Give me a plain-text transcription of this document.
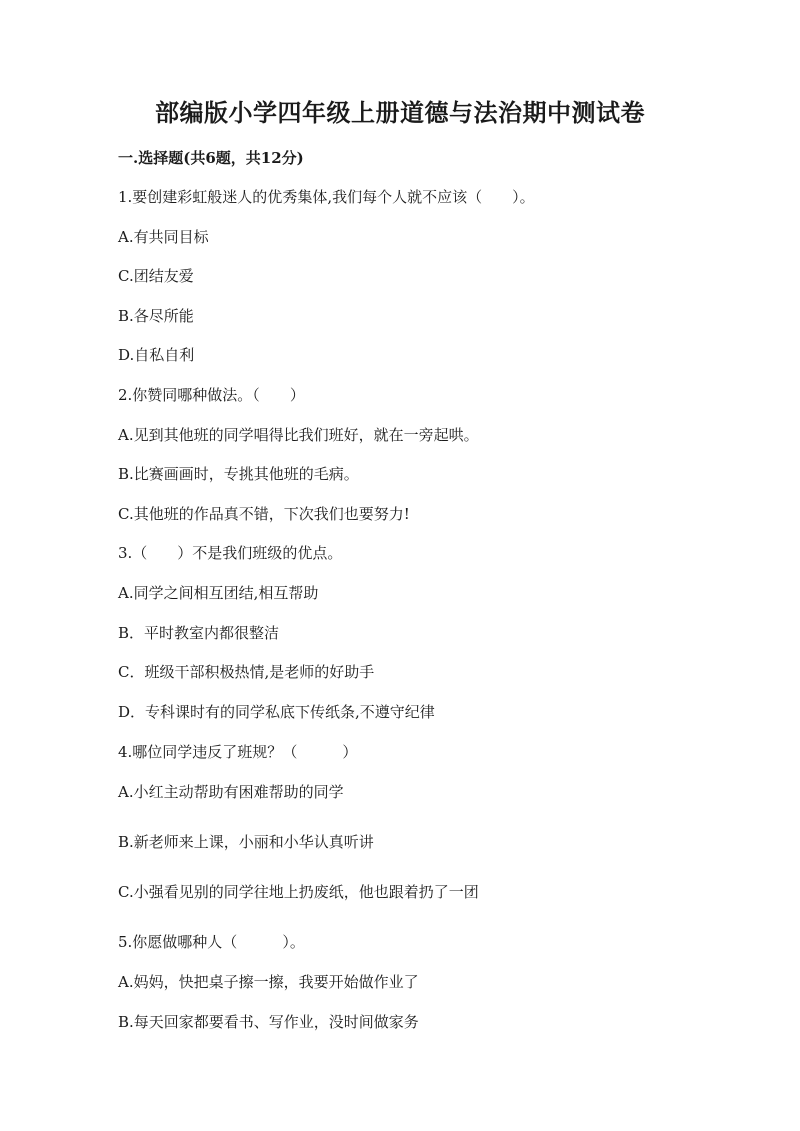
部编版小学四年级上册道德与法治期中测试卷
一.选择题(共6题，共12分)
1.要创建彩虹般迷人的优秀集体,我们每个人就不应该（　　）。
A.有共同目标
C.团结友爱
B.各尽所能
D.自私自利
2.你赞同哪种做法。（　　）
A.见到其他班的同学唱得比我们班好，就在一旁起哄。
B.比赛画画时，专挑其他班的毛病。
C.其他班的作品真不错，下次我们也要努力!
3.（　　）不是我们班级的优点。
A.同学之间相互团结,相互帮助
B．平时教室内都很整洁
C．班级干部积极热情,是老师的好助手
D．专科课时有的同学私底下传纸条,不遵守纪律
4.哪位同学违反了班规？（　　　）
A.小红主动帮助有困难帮助的同学
B.新老师来上课，小丽和小华认真听讲
C.小强看见别的同学往地上扔废纸，他也跟着扔了一团
5.你愿做哪种人（　　　）。
A.妈妈，快把桌子擦一擦，我要开始做作业了
B.每天回家都要看书、写作业，没时间做家务
